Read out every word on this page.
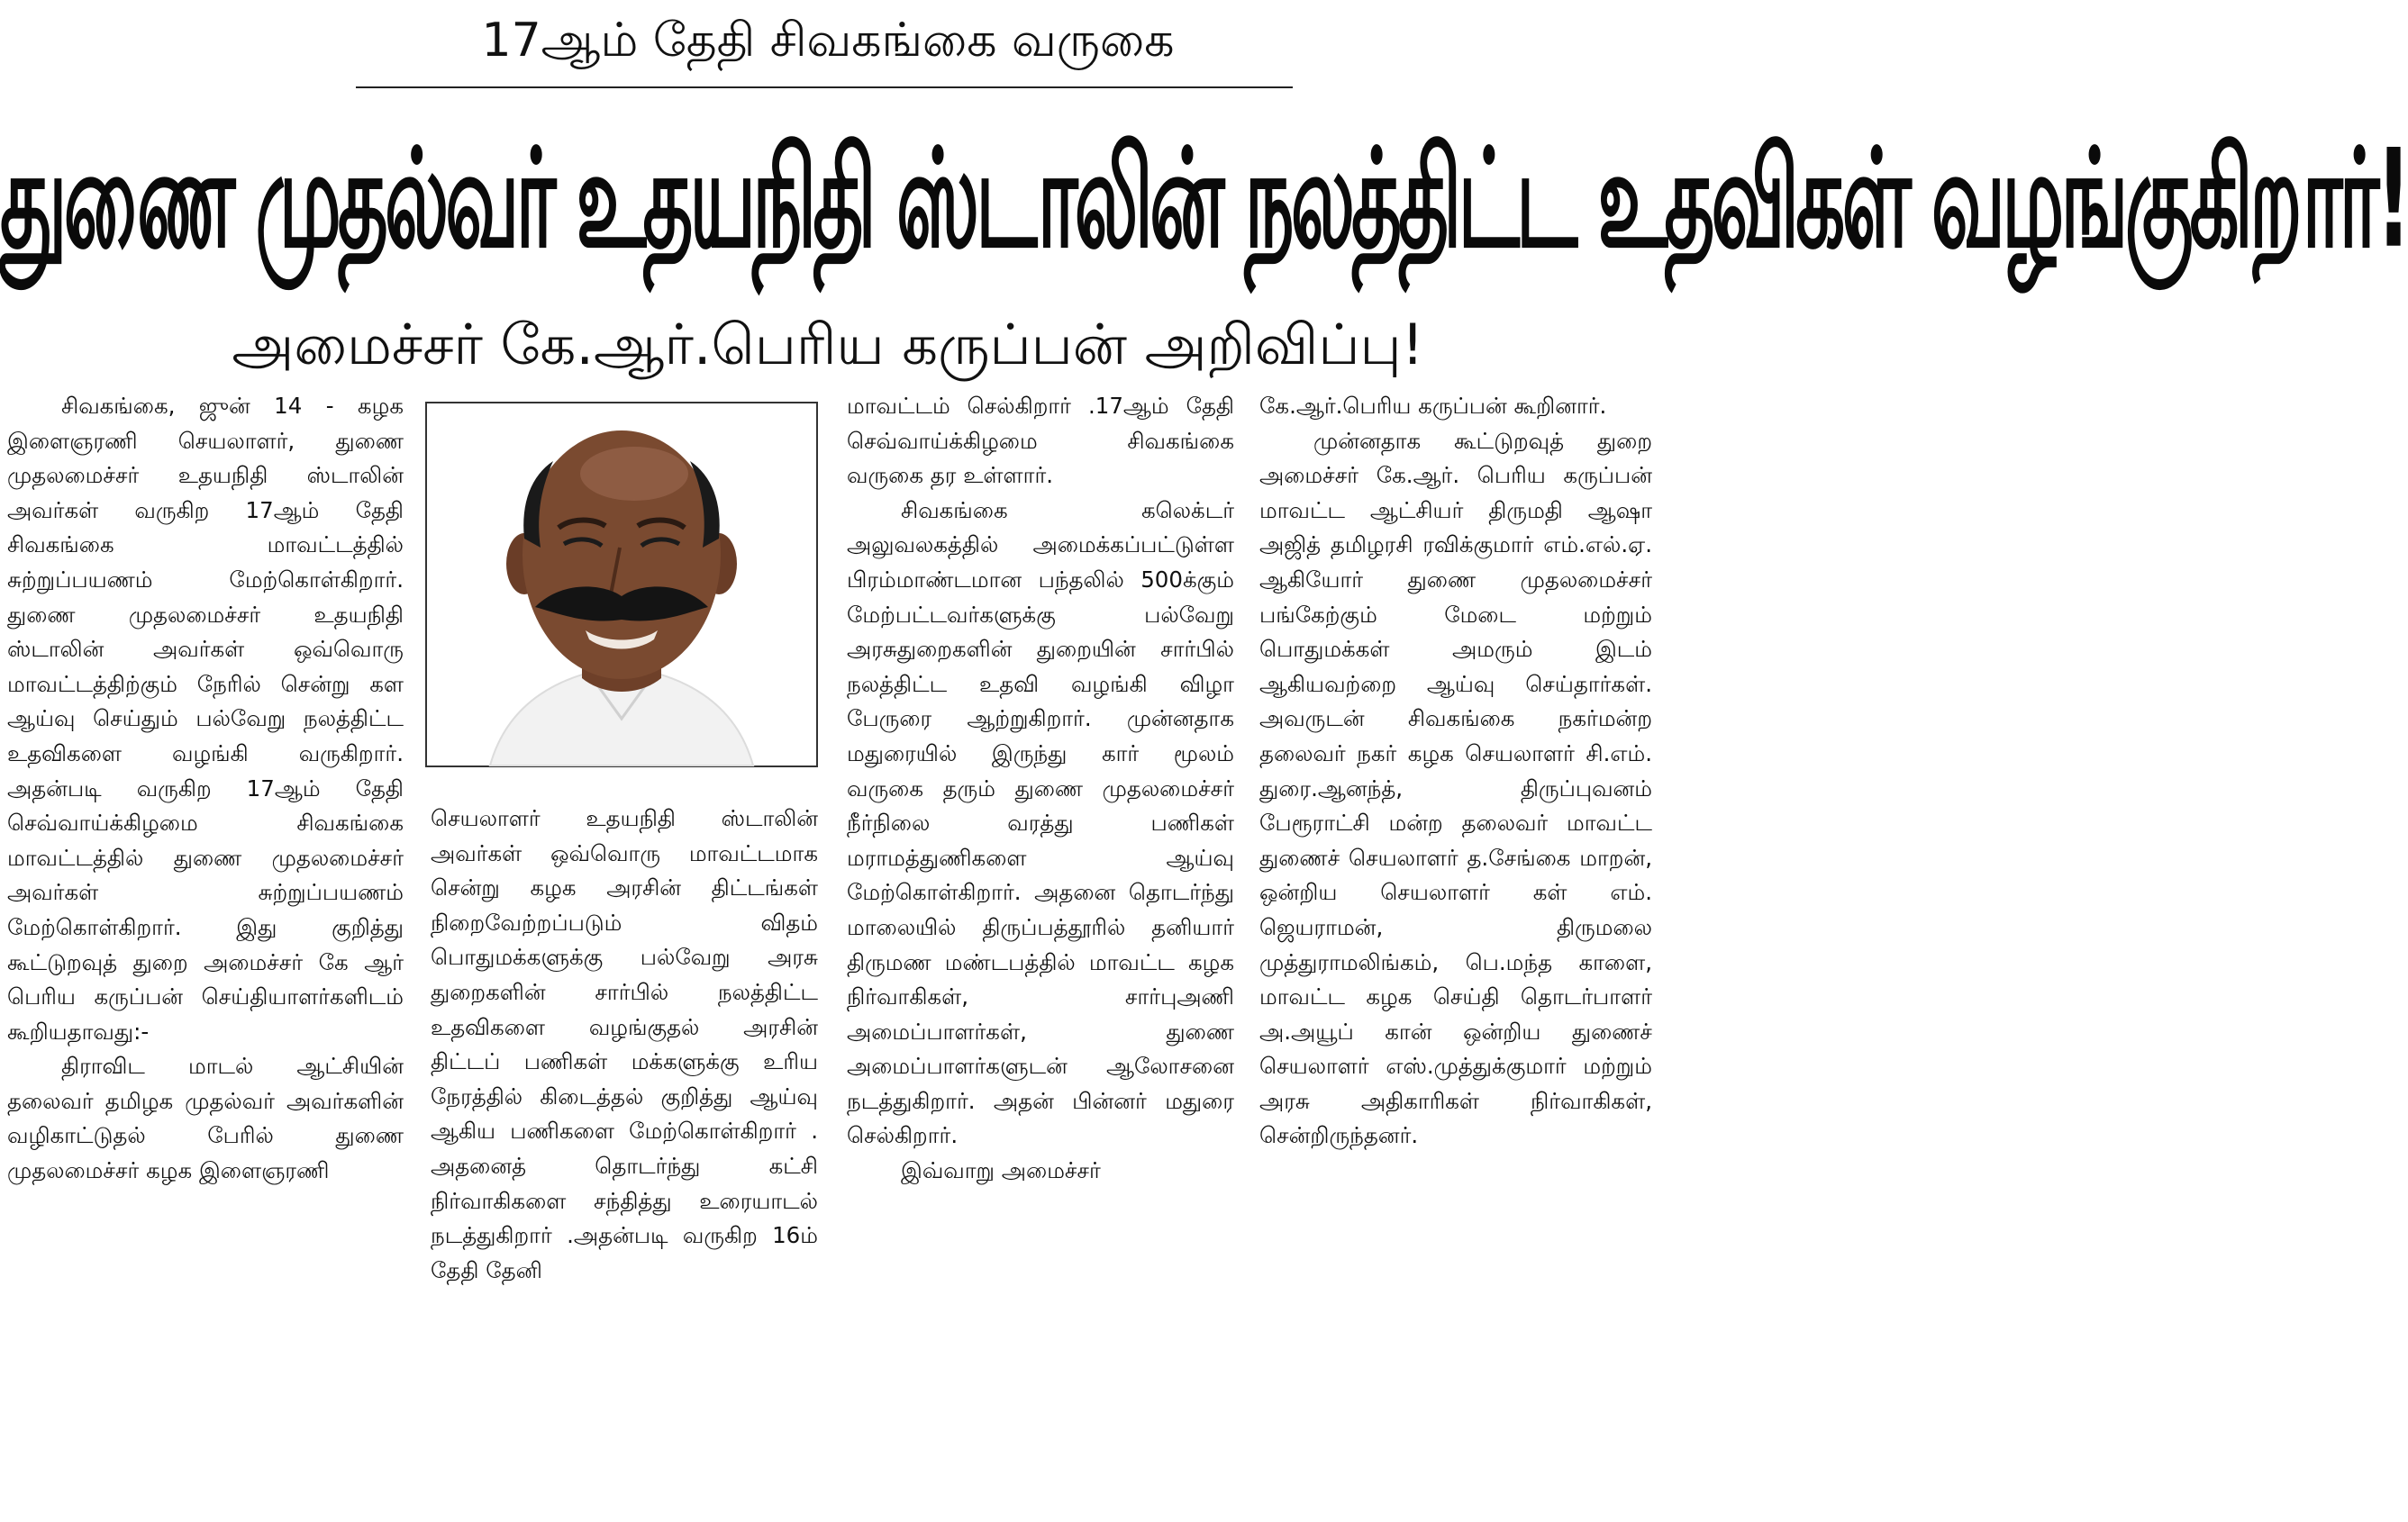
17ஆம் தேதி சிவகங்கை வருகை
துணை முதல்வர் உதயநிதி ஸ்டாலின் நலத்திட்ட உதவிகள் வழங்குகிறார்!
அமைச்சர் கே.ஆர்.பெரிய கருப்பன் அறிவிப்பு!

சிவகங்கை, ஜுன் 14 - கழக இளைஞரணி செயலாளர், துணை முதலமைச்சர் உதயநிதி ஸ்டாலின் அவர்கள் வருகிற 17ஆம் தேதி சிவகங்கை மாவட்டத்தில் சுற்றுப்பயணம் மேற்கொள்கிறார். துணை முதலமைச்சர் உதயநிதி ஸ்டாலின் அவர்கள் ஒவ்வொரு மாவட்டத்திற்கும் நேரில் சென்று கள ஆய்வு செய்தும் பல்வேறு நலத்திட்ட உதவிகளை வழங்கி வருகிறார். அதன்படி வருகிற 17ஆம் தேதி செவ்வாய்க்கிழமை சிவகங்கை மாவட்டத்தில் துணை முதலமைச்சர் அவர்கள் சுற்றுப்பயணம் மேற்கொள்கிறார். இது குறித்து கூட்டுறவுத் துறை அமைச்சர் கே ஆர் பெரிய கருப்பன் செய்தியாளர்களிடம் கூறியதாவது:-

திராவிட மாடல் ஆட்சியின் தலைவர் தமிழக முதல்வர் அவர்களின் வழிகாட்டுதல் பேரில் துணை முதலமைச்சர் கழக இளைஞரணி

செயலாளர் உதயநிதி ஸ்டாலின் அவர்கள் ஒவ்வொரு மாவட்டமாக சென்று கழக அரசின் திட்டங்கள் நிறைவேற்றப்படும் விதம் பொதுமக்களுக்கு பல்வேறு அரசு துறைகளின் சார்பில் நலத்திட்ட உதவிகளை வழங்குதல் அரசின் திட்டப் பணிகள் மக்களுக்கு உரிய நேரத்தில் கிடைத்தல் குறித்து ஆய்வு ஆகிய பணிகளை மேற்கொள்கிறார் . அதனைத் தொடர்ந்து கட்சி நிர்வாகிகளை சந்தித்து உரையாடல் நடத்துகிறார் .அதன்படி வருகிற 16ம் தேதி தேனி

மாவட்டம் செல்கிறார் .17ஆம் தேதி செவ்வாய்க்கிழமை சிவகங்கை வருகை தர உள்ளார்.

சிவகங்கை கலெக்டர் அலுவலகத்தில் அமைக்கப்பட்டுள்ள பிரம்மாண்டமான பந்தலில் 500க்கும் மேற்பட்டவர்களுக்கு பல்வேறு அரசுதுறைகளின் துறையின் சார்பில் நலத்திட்ட உதவி வழங்கி விழா பேருரை ஆற்றுகிறார். முன்னதாக மதுரையில் இருந்து கார் மூலம் வருகை தரும் துணை முதலமைச்சர் நீர்நிலை வரத்து பணிகள் மராமத்துணிகளை ஆய்வு மேற்கொள்கிறார். அதனை தொடர்ந்து மாலையில் திருப்பத்தூரில் தனியார் திருமண மண்டபத்தில் மாவட்ட கழக நிர்வாகிகள், சார்புஅணி அமைப்பாளர்கள், துணை அமைப்பாளர்களுடன் ஆலோசனை நடத்துகிறார். அதன் பின்னர் மதுரை செல்கிறார்.

இவ்வாறு அமைச்சர்

கே.ஆர்.பெரிய கருப்பன் கூறினார்.

முன்னதாக கூட்டுறவுத் துறை அமைச்சர் கே.ஆர். பெரிய கருப்பன் மாவட்ட ஆட்சியர் திருமதி ஆஷா அஜித் தமிழரசி ரவிக்குமார் எம்.எல்.ஏ. ஆகியோர் துணை முதலமைச்சர் பங்கேற்கும் மேடை மற்றும் பொதுமக்கள் அமரும் இடம் ஆகியவற்றை ஆய்வு செய்தார்கள். அவருடன் சிவகங்கை நகர்மன்ற தலைவர் நகர் கழக செயலாளர் சி.எம். துரை.ஆனந்த், திருப்புவனம் பேரூராட்சி மன்ற தலைவர் மாவட்ட துணைச் செயலாளர் த.சேங்கை மாறன், ஒன்றிய செயலாளர் கள் எம். ஜெயராமன், திருமலை முத்துராமலிங்கம், பெ.மந்த காளை, மாவட்ட கழக செய்தி தொடர்பாளர் அ.அயூப் கான் ஒன்றிய துணைச் செயலாளர் எஸ்.முத்துக்குமார் மற்றும் அரசு அதிகாரிகள் நிர்வாகிகள், சென்றிருந்தனர்.
